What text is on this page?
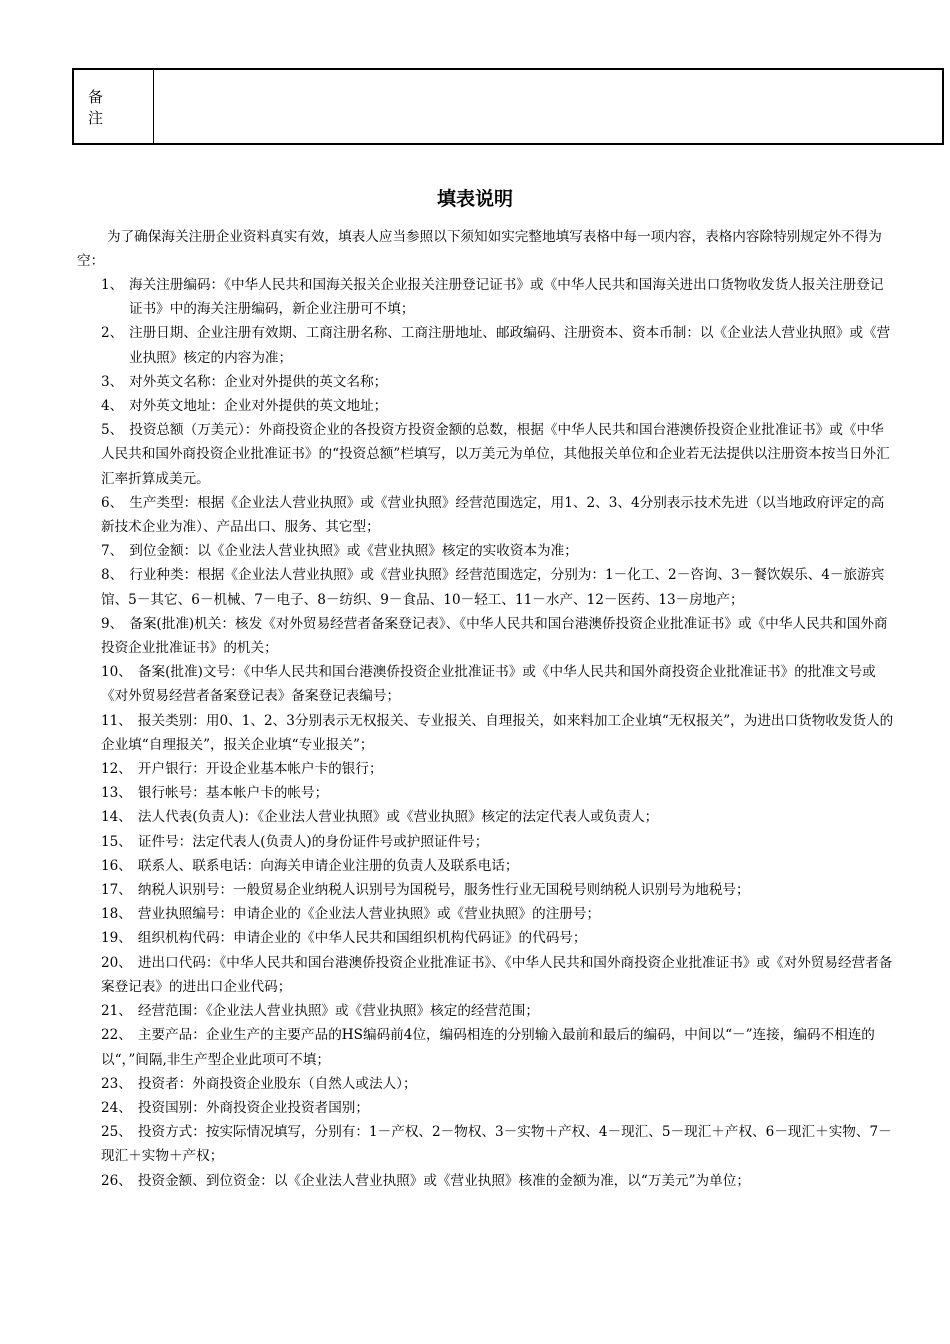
备　注
填表说明
为了确保海关注册企业资料真实有效，填表人应当参照以下须知如实完整地填写表格中每一项内容，表格内容除特别规定外不得为空：
1、 海关注册编码：《中华人民共和国海关报关企业报关注册登记证书》或《中华人民共和国海关进出口货物收发货人报关注册登记证书》中的海关注册编码，新企业注册可不填；
2、 注册日期、企业注册有效期、工商注册名称、工商注册地址、邮政编码、注册资本、资本币制：以《企业法人营业执照》或《营业执照》核定的内容为准；
3、 对外英文名称：企业对外提供的英文名称；
4、 对外英文地址：企业对外提供的英文地址；
5、 投资总额（万美元）：外商投资企业的各投资方投资金额的总数，根据《中华人民共和国台港澳侨投资企业批准证书》或《中华人民共和国外商投资企业批准证书》的“投资总额”栏填写，以万美元为单位，其他报关单位和企业若无法提供以注册资本按当日外汇汇率折算成美元。
6、 生产类型：根据《企业法人营业执照》或《营业执照》经营范围选定，用1、2、3、4分别表示技术先进（以当地政府评定的高新技术企业为准）、产品出口、服务、其它型；
7、 到位金额：以《企业法人营业执照》或《营业执照》核定的实收资本为准；
8、 行业种类：根据《企业法人营业执照》或《营业执照》经营范围选定，分别为：1－化工、2－咨询、3－餐饮娱乐、4－旅游宾馆、5－其它、6－机械、7－电子、8－纺织、9－食品、10－轻工、11－水产、12－医药、13－房地产；
9、 备案(批准)机关：核发《对外贸易经营者备案登记表》、《中华人民共和国台港澳侨投资企业批准证书》或《中华人民共和国外商投资企业批准证书》的机关；
10、 备案(批准)文号：《中华人民共和国台港澳侨投资企业批准证书》或《中华人民共和国外商投资企业批准证书》的批准文号或《对外贸易经营者备案登记表》备案登记表编号；
11、 报关类别：用0、1、2、3分别表示无权报关、专业报关、自理报关，如来料加工企业填“无权报关”，为进出口货物收发货人的企业填“自理报关”，报关企业填“专业报关”；
12、 开户银行：开设企业基本帐户卡的银行；
13、 银行帐号：基本帐户卡的帐号；
14、 法人代表(负责人)：《企业法人营业执照》或《营业执照》核定的法定代表人或负责人；
15、 证件号：法定代表人(负责人)的身份证件号或护照证件号；
16、 联系人、联系电话：向海关申请企业注册的负责人及联系电话；
17、 纳税人识别号：一般贸易企业纳税人识别号为国税号，服务性行业无国税号则纳税人识别号为地税号；
18、 营业执照编号：申请企业的《企业法人营业执照》或《营业执照》的注册号；
19、 组织机构代码：申请企业的《中华人民共和国组织机构代码证》的代码号；
20、 进出口代码：《中华人民共和国台港澳侨投资企业批准证书》、《中华人民共和国外商投资企业批准证书》或《对外贸易经营者备案登记表》的进出口企业代码；
21、 经营范围：《企业法人营业执照》或《营业执照》核定的经营范围；
22、 主要产品：企业生产的主要产品的HS编码前4位，编码相连的分别输入最前和最后的编码，中间以“－”连接，编码不相连的以“，”间隔,非生产型企业此项可不填；
23、 投资者：外商投资企业股东（自然人或法人）；
24、 投资国别：外商投资企业投资者国别；
25、 投资方式：按实际情况填写，分别有：1－产权、2－物权、3－实物＋产权、4－现汇、5－现汇＋产权、6－现汇＋实物、7－现汇＋实物＋产权；
26、 投资金额、到位资金：以《企业法人营业执照》或《营业执照》核准的金额为准，以“万美元”为单位；
